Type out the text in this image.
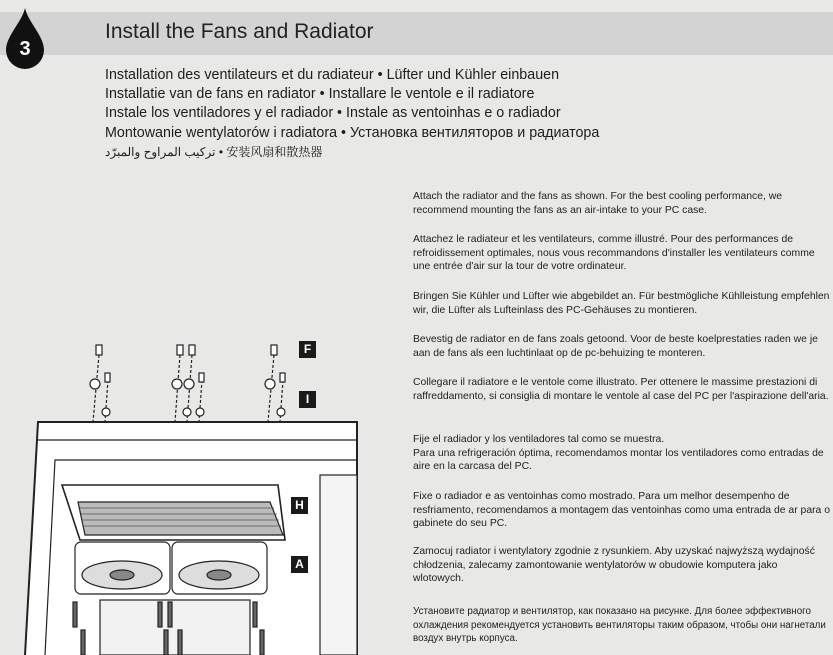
3
Install the Fans and Radiator
Installation des ventilateurs et du radiateur • Lüfter und Kühler einbauen
Installatie van de fans en radiator • Installare le ventole e il radiatore
Instale los ventiladores y el radiador • Instale as ventoinhas e o radiador
Montowanie wentylatorów i radiatora • Установка вентиляторов и радиатора
تركيب المراوح والمبرّد • 安装风扇和散热器
Attach the radiator and the fans as shown. For the best cooling performance, we recommend mounting the fans as an air-intake to your PC case.
Attachez le radiateur et les ventilateurs, comme illustré. Pour des performances de refroidissement optimales, nous vous recommandons d'installer les ventilateurs comme une entrée d'air sur la tour de votre ordinateur.
Bringen Sie Kühler und Lüfter wie abgebildet an. Für bestmögliche Kühlleistung empfehlen wir, die Lüfter als Lufteinlass des PC-Gehäuses zu montieren.
Bevestig de radiator en de fans zoals getoond. Voor de beste koelprestaties raden we je aan de fans als een luchtinlaat op de pc-behuizing te monteren.
Collegare il radiatore e le ventole come illustrato. Per ottenere le massime prestazioni di raffreddamento, si consiglia di montare le ventole al case del PC per l'aspirazione dell'aria.
Fije el radiador y los ventiladores tal como se muestra.
Para una refrigeración óptima, recomendamos montar los ventiladores como entradas de aire en la carcasa del PC.
Fixe o radiador e as ventoinhas como mostrado. Para um melhor desempenho de resfriamento, recomendamos a montagem das ventoinhas como uma entrada de ar para o gabinete do seu PC.
Zamocuj radiator i wentylatory zgodnie z rysunkiem. Aby uzyskać najwyższą wydajność chłodzenia, zalecamy zamontowanie wentylatorów w obudowie komputera jako wlotowych.
Установите радиатор и вентилятор, как показано на рисунке. Для более эффективного охлаждения рекомендуется установить вентиляторы таким образом, чтобы они нагнетали воздух внутрь корпуса.
F
I
H
A
